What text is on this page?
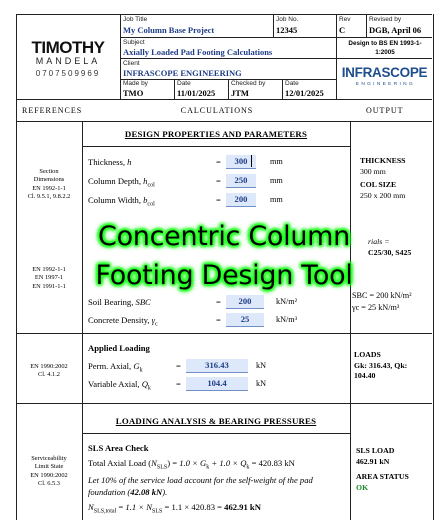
TIMOTHY
MANDELA
0707509969
Job Title
My Column Base Project
Job No.
12345
Rev
C
Revised by
DGB, April 06
Subject
Axially Loaded Pad Footing Calculations
Design to BS EN 1993-1-1:2005
Client
INFRASCOPE ENGINEERING
Made by
TMO
Date
11/01/2025
Checked by
JTM
Date
12/01/2025
INFRASCOPE
E N G I N E E R I N G
REFERENCES	CALCULATIONS	OUTPUT
DESIGN PROPERTIES AND PARAMETERS
Section
Dimensions
EN 1992-1-1
Cl. 9.5.1, 9.8.2.2
Thickness, h	=	300	mm
Column Depth, $h_{col}$	=	250	mm
Column Width, $b_{col}$	=	200	mm
THICKNESS
300 mm
COL SIZE
250 x 200 mm
EN 1992-1-1
EN 1997-1
EN 1991-1-1
rials =
C25/30, S425
Soil Bearing, SBC	=	200	kN/m²
Concrete Density, $\gamma_c$	=	25	kN/m³
SBC = 200 kN/m²
γc = 25 kN/m³
Applied Loading
EN 1990:2002
Cl. 4.1.2
Perm. Axial, $G_k$	=	316.43	kN
Variable Axial, $Q_k$	=	104.4	kN
LOADS
Gk: 316.43, Qk:
104.40
LOADING ANALYSIS & BEARING PRESSURES
Serviceability
Limit State
EN 1990:2002
Cl. 6.5.3
SLS Area Check
Total Axial Load $(N_{SLS}) = 1.0 \times G_k + 1.0 \times Q_k = 420.83$ kN
Let 10% of the service load account for the self-weight of the pad foundation (42.08 kN).
$N_{SLS,total} = 1.1 \times N_{SLS} = 1.1 \times 420.83 = 462.91$ kN
SLS LOAD
462.91 kN
AREA STATUS
OK
Concentric Column
Footing Design Tool
